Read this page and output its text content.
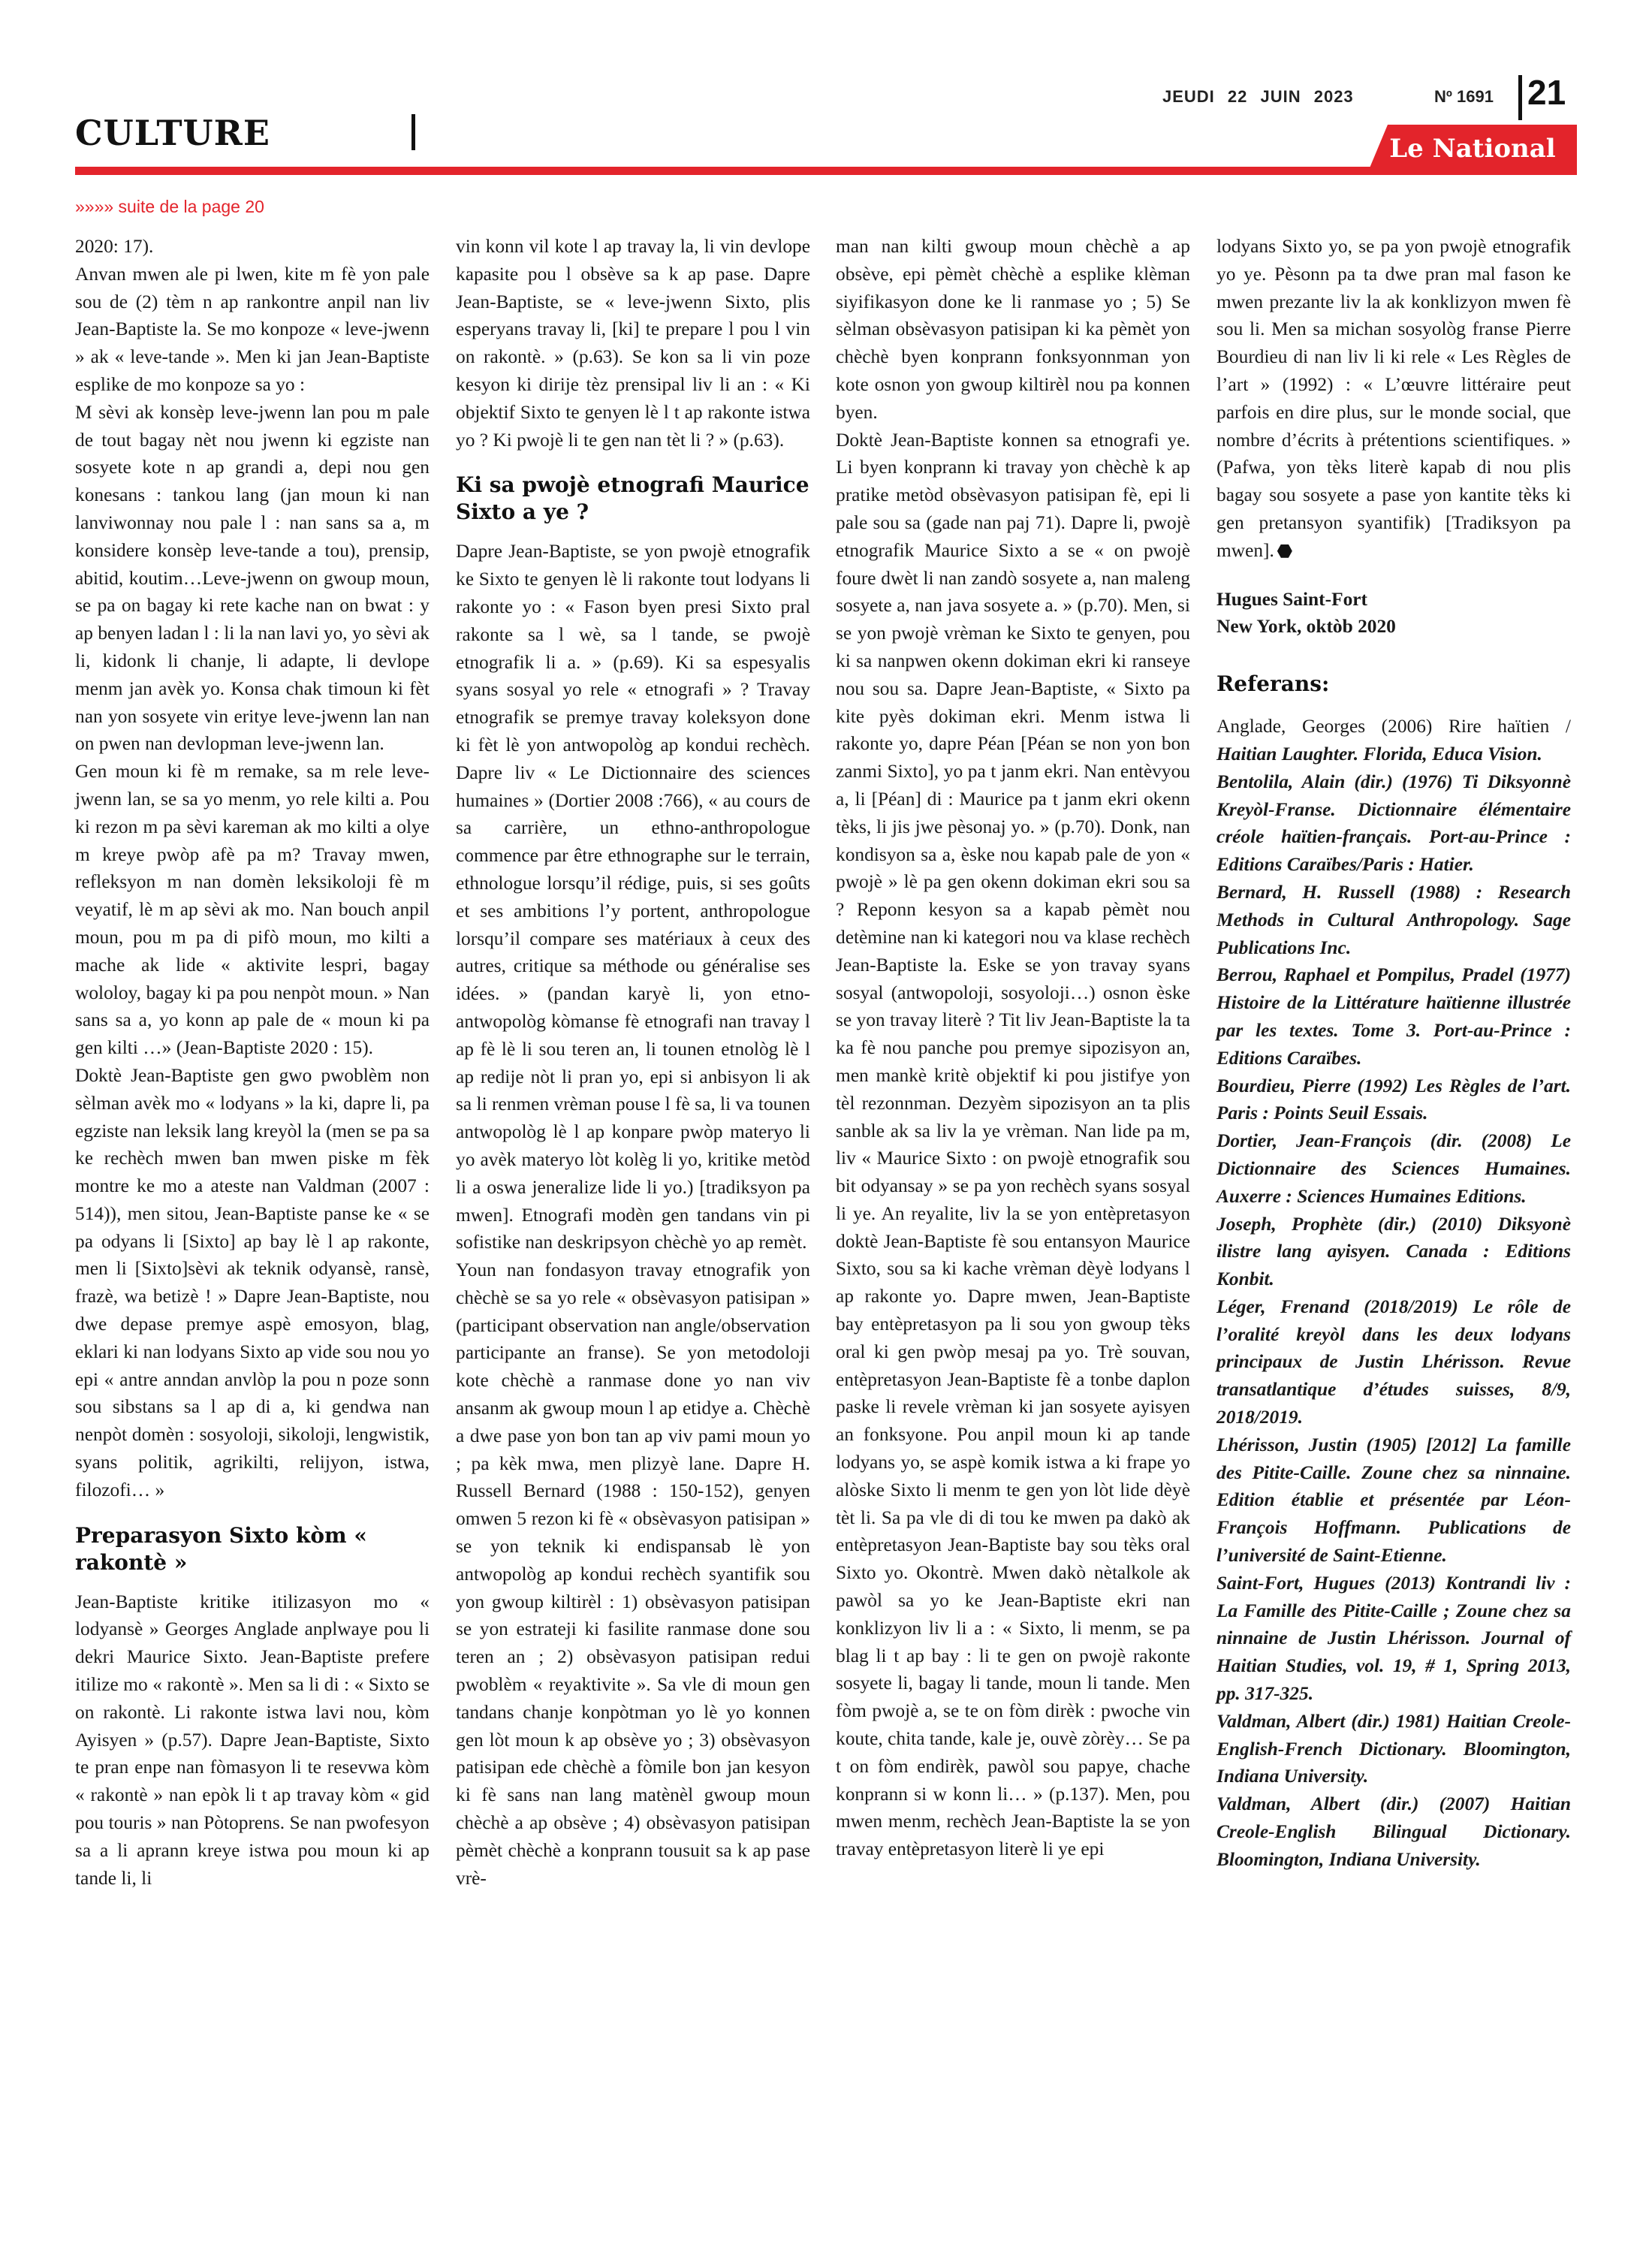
CULTURE
JEUDI 22 JUIN 2023	Nº 1691 21
Le National
»»»» suite de la page 20

2020: 17).

Anvan mwen ale pi lwen, kite m fè yon pale sou de (2) tèm n ap rankontre anpil nan liv Jean-Baptiste la. Se mo konpoze « leve-jwenn » ak « leve-tande ». Men ki jan Jean-Baptiste esplike de mo konpoze sa yo :

M sèvi ak konsèp leve-jwenn lan pou m pale de tout bagay nèt nou jwenn ki egziste nan sosyete kote n ap grandi a, depi nou gen konesans : tankou lang (jan moun ki nan lanviwonnay nou pale l : nan sans sa a, m konsidere konsèp leve-tande a tou), prensip, abitid, koutim…Leve-jwenn on gwoup moun, se pa on bagay ki rete kache nan on bwat : y ap benyen ladan l : li la nan lavi yo, yo sèvi ak li, kidonk li chanje, li adapte, li devlope menm jan avèk yo. Konsa chak timoun ki fèt nan yon sosyete vin eritye leve-jwenn lan nan on pwen nan devlopman leve-jwenn lan.

Gen moun ki fè m remake, sa m rele leve-jwenn lan, se sa yo menm, yo rele kilti a. Pou ki rezon m pa sèvi kareman ak mo kilti a olye m kreye pwòp afè pa m? Travay mwen, refleksyon m nan domèn leksikoloji fè m veyatif, lè m ap sèvi ak mo. Nan bouch anpil moun, pou m pa di pifò moun, mo kilti a mache ak lide « aktivite lespri, bagay wololoy, bagay ki pa pou nenpòt moun. » Nan sans sa a, yo konn ap pale de « moun ki pa gen kilti …» (Jean-Baptiste 2020 : 15).

Doktè Jean-Baptiste gen gwo pwoblèm non sèlman avèk mo « lodyans » la ki, dapre li, pa egziste nan leksik lang kreyòl la (men se pa sa ke rechèch mwen ban mwen piske m fèk montre ke mo a ateste nan Valdman (2007 : 514)), men sitou, Jean-Baptiste panse ke « se pa odyans li [Sixto] ap bay lè l ap rakonte, men li [Sixto]sèvi ak teknik odyansè, ransè, frazè, wa betizè ! » Dapre Jean-Baptiste, nou dwe depase premye aspè emosyon, blag, eklari ki nan lodyans Sixto ap vide sou nou yo epi « antre anndan anvlòp la pou n poze sonn sou sibstans sa l ap di a, ki gendwa nan nenpòt domèn : sosyoloji, sikoloji, lengwistik, syans politik, agrikilti, relijyon, istwa, filozofi… »

Preparasyon Sixto kòm « rakontè »

Jean-Baptiste kritike itilizasyon mo « lodyansè » Georges Anglade anplwaye pou li dekri Maurice Sixto. Jean-Baptiste prefere itilize mo « rakontè ». Men sa li di : « Sixto se on rakontè. Li rakonte istwa lavi nou, kòm Ayisyen » (p.57). Dapre Jean-Baptiste, Sixto te pran enpe nan fòmasyon li te resevwa kòm « rakontè » nan epòk li t ap travay kòm « gid pou touris » nan Pòtoprens. Se nan pwofesyon sa a li aprann kreye istwa pou moun ki ap tande li, li

vin konn vil kote l ap travay la, li vin devlope kapasite pou l obsève sa k ap pase. Dapre Jean-Baptiste, se « leve-jwenn Sixto, plis esperyans travay li, [ki] te prepare l pou l vin on rakontè. » (p.63). Se kon sa li vin poze kesyon ki dirije tèz prensipal liv li an : « Ki objektif Sixto te genyen lè l t ap rakonte istwa yo ? Ki pwojè li te gen nan tèt li ? » (p.63).

Ki sa pwojè etnografi Maurice Sixto a ye ?

Dapre Jean-Baptiste, se yon pwojè etnografik ke Sixto te genyen lè li rakonte tout lodyans li rakonte yo : « Fason byen presi Sixto pral rakonte sa l wè, sa l tande, se pwojè etnografik li a. » (p.69). Ki sa espesyalis syans sosyal yo rele « etnografi » ? Travay etnografik se premye travay koleksyon done ki fèt lè yon antwopològ ap kondui rechèch. Dapre liv « Le Dictionnaire des sciences humaines » (Dortier 2008 :766), « au cours de sa carrière, un ethno-anthropologue commence par être ethnographe sur le terrain, ethnologue lorsqu’il rédige, puis, si ses goûts et ses ambitions l’y portent, anthropologue lorsqu’il compare ses matériaux à ceux des autres, critique sa méthode ou généralise ses idées. » (pandan karyè li, yon etno-antwopològ kòmanse fè etnografi nan travay l ap fè lè li sou teren an, li tounen etnològ lè l ap redije nòt li pran yo, epi si anbisyon li ak sa li renmen vrèman pouse l fè sa, li va tounen antwopològ lè l ap konpare pwòp materyo li yo avèk materyo lòt kolèg li yo, kritike metòd li a oswa jeneralize lide li yo.) [tradiksyon pa mwen]. Etnografi modèn gen tandans vin pi sofistike nan deskripsyon chèchè yo ap remèt.

Youn nan fondasyon travay etnografik yon chèchè se sa yo rele « obsèvasyon patisipan » (participant observation nan angle/observation participante an franse). Se yon metodoloji kote chèchè a ranmase done yo nan viv ansanm ak gwoup moun l ap etidye a. Chèchè a dwe pase yon bon tan ap viv pami moun yo ; pa kèk mwa, men plizyè lane. Dapre H. Russell Bernard (1988 : 150-152), genyen omwen 5 rezon ki fè « obsèvasyon patisipan » se yon teknik ki endispansab lè yon antwopològ ap kondui rechèch syantifik sou yon gwoup kiltirèl : 1) obsèvasyon patisipan se yon estrateji ki fasilite ranmase done sou teren an ; 2) obsèvasyon patisipan redui pwoblèm « reyaktivite ». Sa vle di moun gen tandans chanje konpòtman yo lè yo konnen gen lòt moun k ap obsève yo ; 3) obsèvasyon patisipan ede chèchè a fòmile bon jan kesyon ki fè sans nan lang matènèl gwoup moun chèchè a ap obsève ; 4) obsèvasyon patisipan pèmèt chèchè a konprann tousuit sa k ap pase vrè-

man nan kilti gwoup moun chèchè a ap obsève, epi pèmèt chèchè a esplike klèman siyifikasyon done ke li ranmase yo ; 5) Se sèlman obsèvasyon patisipan ki ka pèmèt yon chèchè byen konprann fonksyonnman yon kote osnon yon gwoup kiltirèl nou pa konnen byen.

Doktè Jean-Baptiste konnen sa etnografi ye. Li byen konprann ki travay yon chèchè k ap pratike metòd obsèvasyon patisipan fè, epi li pale sou sa (gade nan paj 71). Dapre li, pwojè etnografik Maurice Sixto a se « on pwojè foure dwèt li nan zandò sosyete a, nan maleng sosyete a, nan java sosyete a. » (p.70). Men, si se yon pwojè vrèman ke Sixto te genyen, pou ki sa nanpwen okenn dokiman ekri ki ranseye nou sou sa. Dapre Jean-Baptiste, « Sixto pa kite pyès dokiman ekri. Menm istwa li rakonte yo, dapre Péan [Péan se non yon bon zanmi Sixto], yo pa t janm ekri. Nan entèvyou a, li [Péan] di : Maurice pa t janm ekri okenn tèks, li jis jwe pèsonaj yo. » (p.70). Donk, nan kondisyon sa a, èske nou kapab pale de yon « pwojè » lè pa gen okenn dokiman ekri sou sa ? Reponn kesyon sa a kapab pèmèt nou detèmine nan ki kategori nou va klase rechèch Jean-Baptiste la. Eske se yon travay syans sosyal (antwopoloji, sosyoloji…) osnon èske se yon travay literè ? Tit liv Jean-Baptiste la ta ka fè nou panche pou premye sipozisyon an, men mankè kritè objektif ki pou jistifye yon tèl rezonnman. Dezyèm sipozisyon an ta plis sanble ak sa liv la ye vrèman. Nan lide pa m, liv « Maurice Sixto : on pwojè etnografik sou bit odyansay » se pa yon rechèch syans sosyal li ye. An reyalite, liv la se yon entèpretasyon doktè Jean-Baptiste fè sou entansyon Maurice Sixto, sou sa ki kache vrèman dèyè lodyans l ap rakonte yo. Dapre mwen, Jean-Baptiste bay entèpretasyon pa li sou yon gwoup tèks oral ki gen pwòp mesaj pa yo. Trè souvan, entèpretasyon Jean-Baptiste fè a tonbe daplon paske li revele vrèman ki jan sosyete ayisyen an fonksyone. Pou anpil moun ki ap tande lodyans yo, se aspè komik istwa a ki frape yo alòske Sixto li menm te gen yon lòt lide dèyè tèt li. Sa pa vle di di tou ke mwen pa dakò ak entèpretasyon Jean-Baptiste bay sou tèks oral Sixto yo. Okontrè. Mwen dakò nètalkole ak pawòl sa yo ke Jean-Baptiste ekri nan konklizyon liv li a : « Sixto, li menm, se pa blag li t ap bay : li te gen on pwojè rakonte sosyete li, bagay li tande, moun li tande. Men fòm pwojè a, se te on fòm dirèk : pwoche vin koute, chita tande, kale je, ouvè zòrèy… Se pa t on fòm endirèk, pawòl sou papye, chache konprann si w konn li… » (p.137). Men, pou mwen menm, rechèch Jean-Baptiste la se yon travay entèpretasyon literè li ye epi

lodyans Sixto yo, se pa yon pwojè etnografik yo ye. Pèsonn pa ta dwe pran mal fason ke mwen prezante liv la ak konklizyon mwen fè sou li. Men sa michan sosyològ franse Pierre Bourdieu di nan liv li ki rele « Les Règles de l’art » (1992) : « L’œuvre littéraire peut parfois en dire plus, sur le monde social, que nombre d’écrits à prétentions scientifiques. » (Pafwa, yon tèks literè kapab di nou plis bagay sou sosyete a pase yon kantite tèks ki gen pretansyon syantifik) [Tradiksyon pa mwen].

Hugues Saint-Fort

New York, oktòb 2020

Referans:

Anglade, Georges (2006) Rire haïtien / Haitian Laughter. Florida, Educa Vision.

Bentolila, Alain (dir.) (1976) Ti Diksyonnè Kreyòl-Franse. Dictionnaire élémentaire créole haïtien-français. Port-au-Prince : Editions Caraïbes/Paris : Hatier.

Bernard, H. Russell (1988) : Research Methods in Cultural Anthropology. Sage Publications Inc.

Berrou, Raphael et Pompilus, Pradel (1977) Histoire de la Littérature haïtienne illustrée par les textes. Tome 3. Port-au-Prince : Editions Caraïbes.

Bourdieu, Pierre (1992) Les Règles de l’art. Paris : Points Seuil Essais.

Dortier, Jean-François (dir. (2008) Le Dictionnaire des Sciences Humaines. Auxerre : Sciences Humaines Editions.

Joseph, Prophète (dir.) (2010) Diksyonè ilistre lang ayisyen. Canada : Editions Konbit.

Léger, Frenand (2018/2019) Le rôle de l’oralité kreyòl dans les deux lodyans principaux de Justin Lhérisson. Revue transatlantique d’études suisses, 8/9, 2018/2019.

Lhérisson, Justin (1905) [2012] La famille des Pitite-Caille. Zoune chez sa ninnaine. Edition établie et présentée par Léon-François Hoffmann. Publications de l’université de Saint-Etienne.

Saint-Fort, Hugues (2013) Kontrandi liv : La Famille des Pitite-Caille ; Zoune chez sa ninnaine de Justin Lhérisson. Journal of Haitian Studies, vol. 19, # 1, Spring 2013, pp. 317-325.

Valdman, Albert (dir.) 1981) Haitian Creole-English-French Dictionary. Bloomington, Indiana University.

Valdman, Albert (dir.) (2007) Haitian Creole-English Bilingual Dictionary. Bloomington, Indiana University.
